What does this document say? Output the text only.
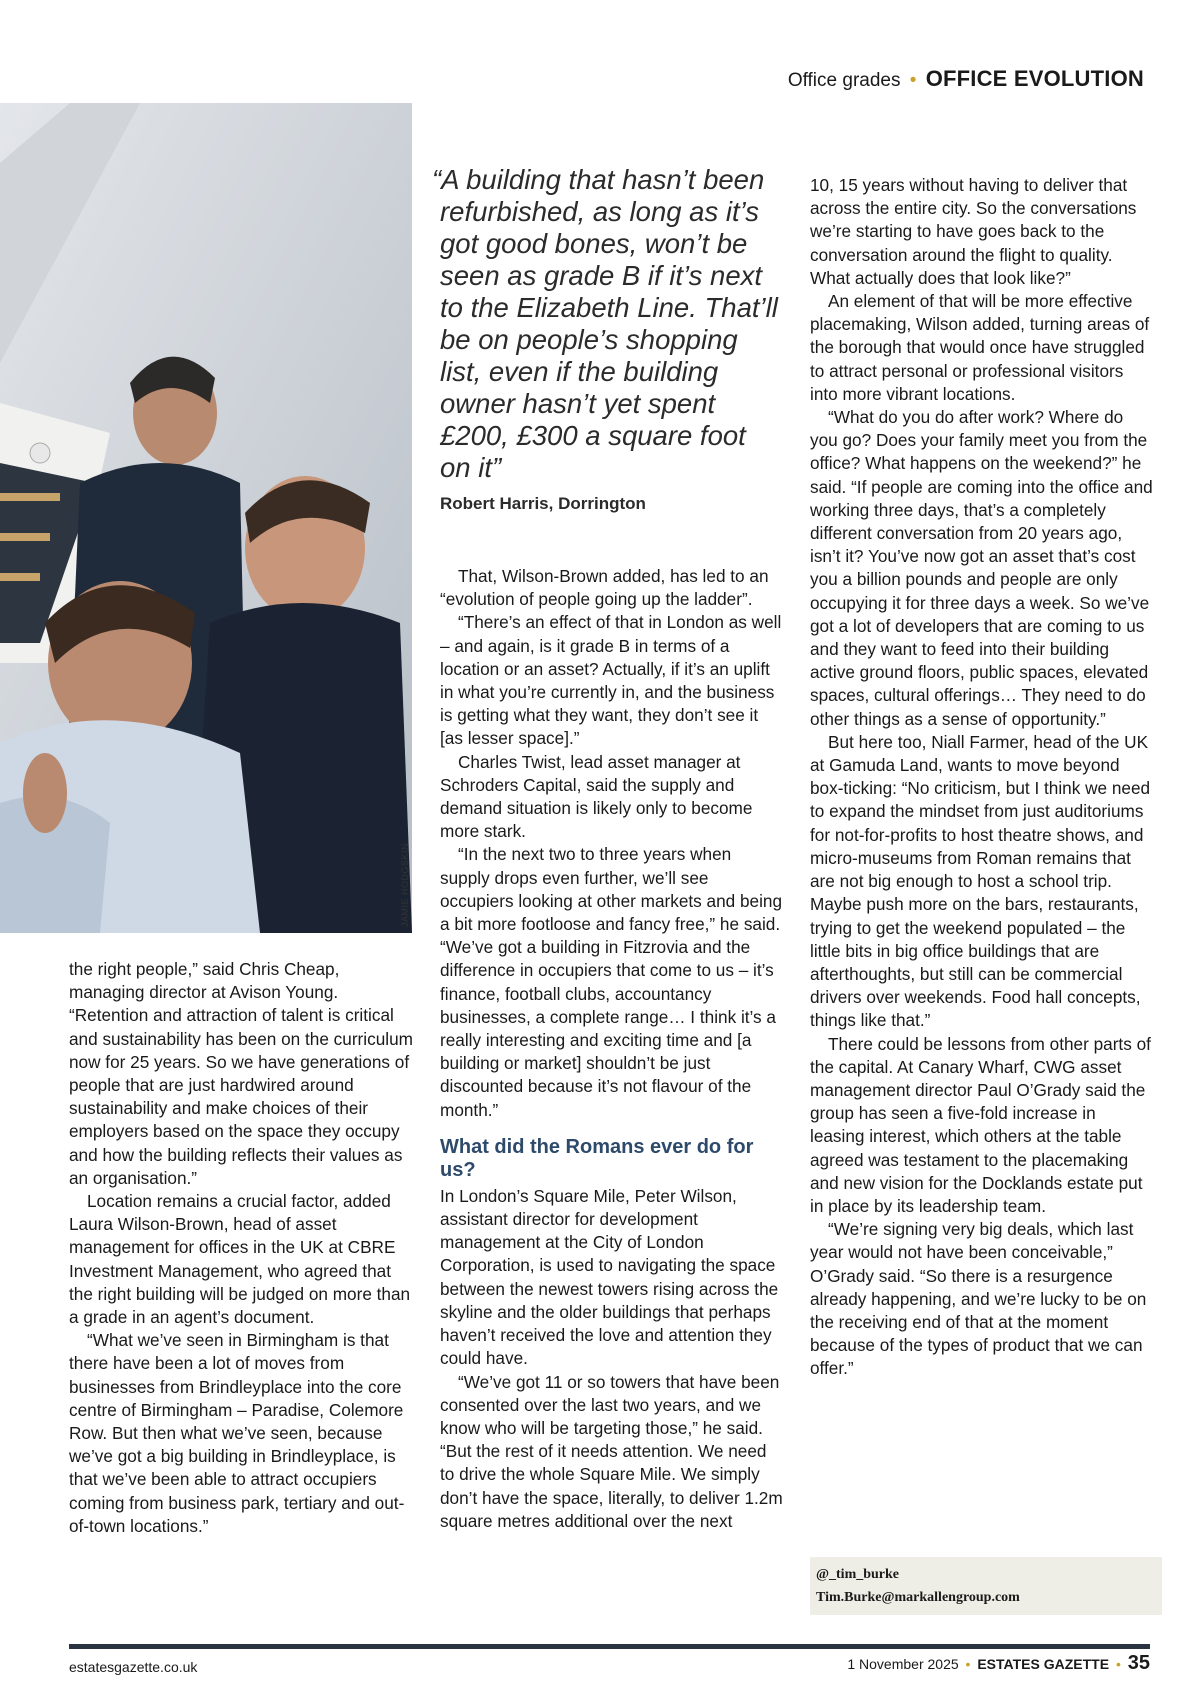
Office grades • OFFICE EVOLUTION
JAMIE HODGSKIN
“A building that hasn’t been refurbished, as long as it’s got good bones, won’t be seen as grade B if it’s next to the Elizabeth Line. That’ll be on people’s shopping list, even if the building owner hasn’t yet spent £200, £300 a square foot on it”
Robert Harris, Dorrington

the right people,” said Chris Cheap, managing director at Avison Young. “Retention and attraction of talent is critical and sustainability has been on the curriculum now for 25 years. So we have generations of people that are just hardwired around sustainability and make choices of their employers based on the space they occupy and how the building reflects their values as an organisation.”

Location remains a crucial factor, added Laura Wilson-Brown, head of asset management for offices in the UK at CBRE Investment Management, who agreed that the right building will be judged on more than a grade in an agent’s document.

“What we’ve seen in Birmingham is that there have been a lot of moves from businesses from Brindleyplace into the core centre of Birmingham – Paradise, Colemore Row. But then what we’ve seen, because we’ve got a big building in Brindleyplace, is that we’ve been able to attract occupiers coming from business park, tertiary and out-of-town locations.”

That, Wilson-Brown added, has led to an “evolution of people going up the ladder”.

“There’s an effect of that in London as well – and again, is it grade B in terms of a location or an asset? Actually, if it’s an uplift in what you’re currently in, and the business is getting what they want, they don’t see it [as lesser space].”

Charles Twist, lead asset manager at Schroders Capital, said the supply and demand situation is likely only to become more stark.

“In the next two to three years when supply drops even further, we’ll see occupiers looking at other markets and being a bit more footloose and fancy free,” he said. “We’ve got a building in Fitzrovia and the difference in occupiers that come to us – it’s finance, football clubs, accountancy businesses, a complete range… I think it’s a really interesting and exciting time and [a building or market] shouldn’t be just discounted because it’s not flavour of the month.”

What did the Romans ever do for us?

In London’s Square Mile, Peter Wilson, assistant director for development management at the City of London Corporation, is used to navigating the space between the newest towers rising across the skyline and the older buildings that perhaps haven’t received the love and attention they could have.

“We’ve got 11 or so towers that have been consented over the last two years, and we know who will be targeting those,” he said. “But the rest of it needs attention. We need to drive the whole Square Mile. We simply don’t have the space, literally, to deliver 1.2m square metres additional over the next

10, 15 years without having to deliver that across the entire city. So the conversations we’re starting to have goes back to the conversation around the flight to quality. What actually does that look like?”

An element of that will be more effective placemaking, Wilson added, turning areas of the borough that would once have struggled to attract personal or professional visitors into more vibrant locations.

“What do you do after work? Where do you go? Does your family meet you from the office? What happens on the weekend?” he said. “If people are coming into the office and working three days, that’s a completely different conversation from 20 years ago, isn’t it? You’ve now got an asset that’s cost you a billion pounds and people are only occupying it for three days a week. So we’ve got a lot of developers that are coming to us and they want to feed into their building active ground floors, public spaces, elevated spaces, cultural offerings… They need to do other things as a sense of opportunity.”

But here too, Niall Farmer, head of the UK at Gamuda Land, wants to move beyond box-ticking: “No criticism, but I think we need to expand the mindset from just auditoriums for not-for-profits to host theatre shows, and micro-museums from Roman remains that are not big enough to host a school trip. Maybe push more on the bars, restaurants, trying to get the weekend populated – the little bits in big office buildings that are afterthoughts, but still can be commercial drivers over weekends. Food hall concepts, things like that.”

There could be lessons from other parts of the capital. At Canary Wharf, CWG asset management director Paul O’Grady said the group has seen a five-fold increase in leasing interest, which others at the table agreed was testament to the placemaking and new vision for the Docklands estate put in place by its leadership team.

“We’re signing very big deals, which last year would not have been conceivable,” O’Grady said. “So there is a resurgence already happening, and we’re lucky to be on the receiving end of that at the moment because of the types of product that we can offer.”

@_tim_burke
Tim.Burke@markallengroup.com
estatesgazette.co.uk	1 November 2025 • ESTATES GAZETTE • 35
